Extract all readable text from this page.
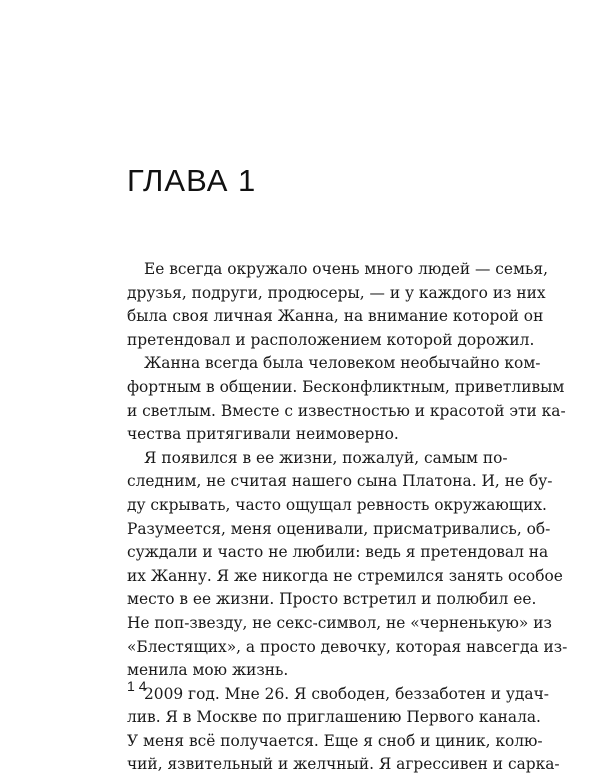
ГЛАВА 1
Ее всегда окружало очень много людей — семья,
друзья, подруги, продюсеры, — и у каждого из них
была своя личная Жанна, на внимание которой он
претендовал и расположением которой дорожил.
Жанна всегда была человеком необычайно ком-
фортным в общении. Бесконфликтным, приветливым
и светлым. Вместе с известностью и красотой эти ка-
чества притягивали неимоверно.
Я появился в ее жизни, пожалуй, самым по-
следним, не считая нашего сына Платона. И, не бу-
ду скрывать, часто ощущал ревность окружающих.
Разумеется, меня оценивали, присматривались, об-
суждали и часто не любили: ведь я претендовал на
их Жанну. Я же никогда не стремился занять особое
место в ее жизни. Просто встретил и полюбил ее.
Не поп-звезду, не секс-символ, не «черненькую» из
«Блестящих», а просто девочку, которая навсегда из-
менила мою жизнь.
2009 год. Мне 26. Я свободен, беззаботен и удач-
лив. Я в Москве по приглашению Первого канала.
У меня всё получается. Еще я сноб и циник, колю-
чий, язвительный и желчный. Я агрессивен и сарка-
14
